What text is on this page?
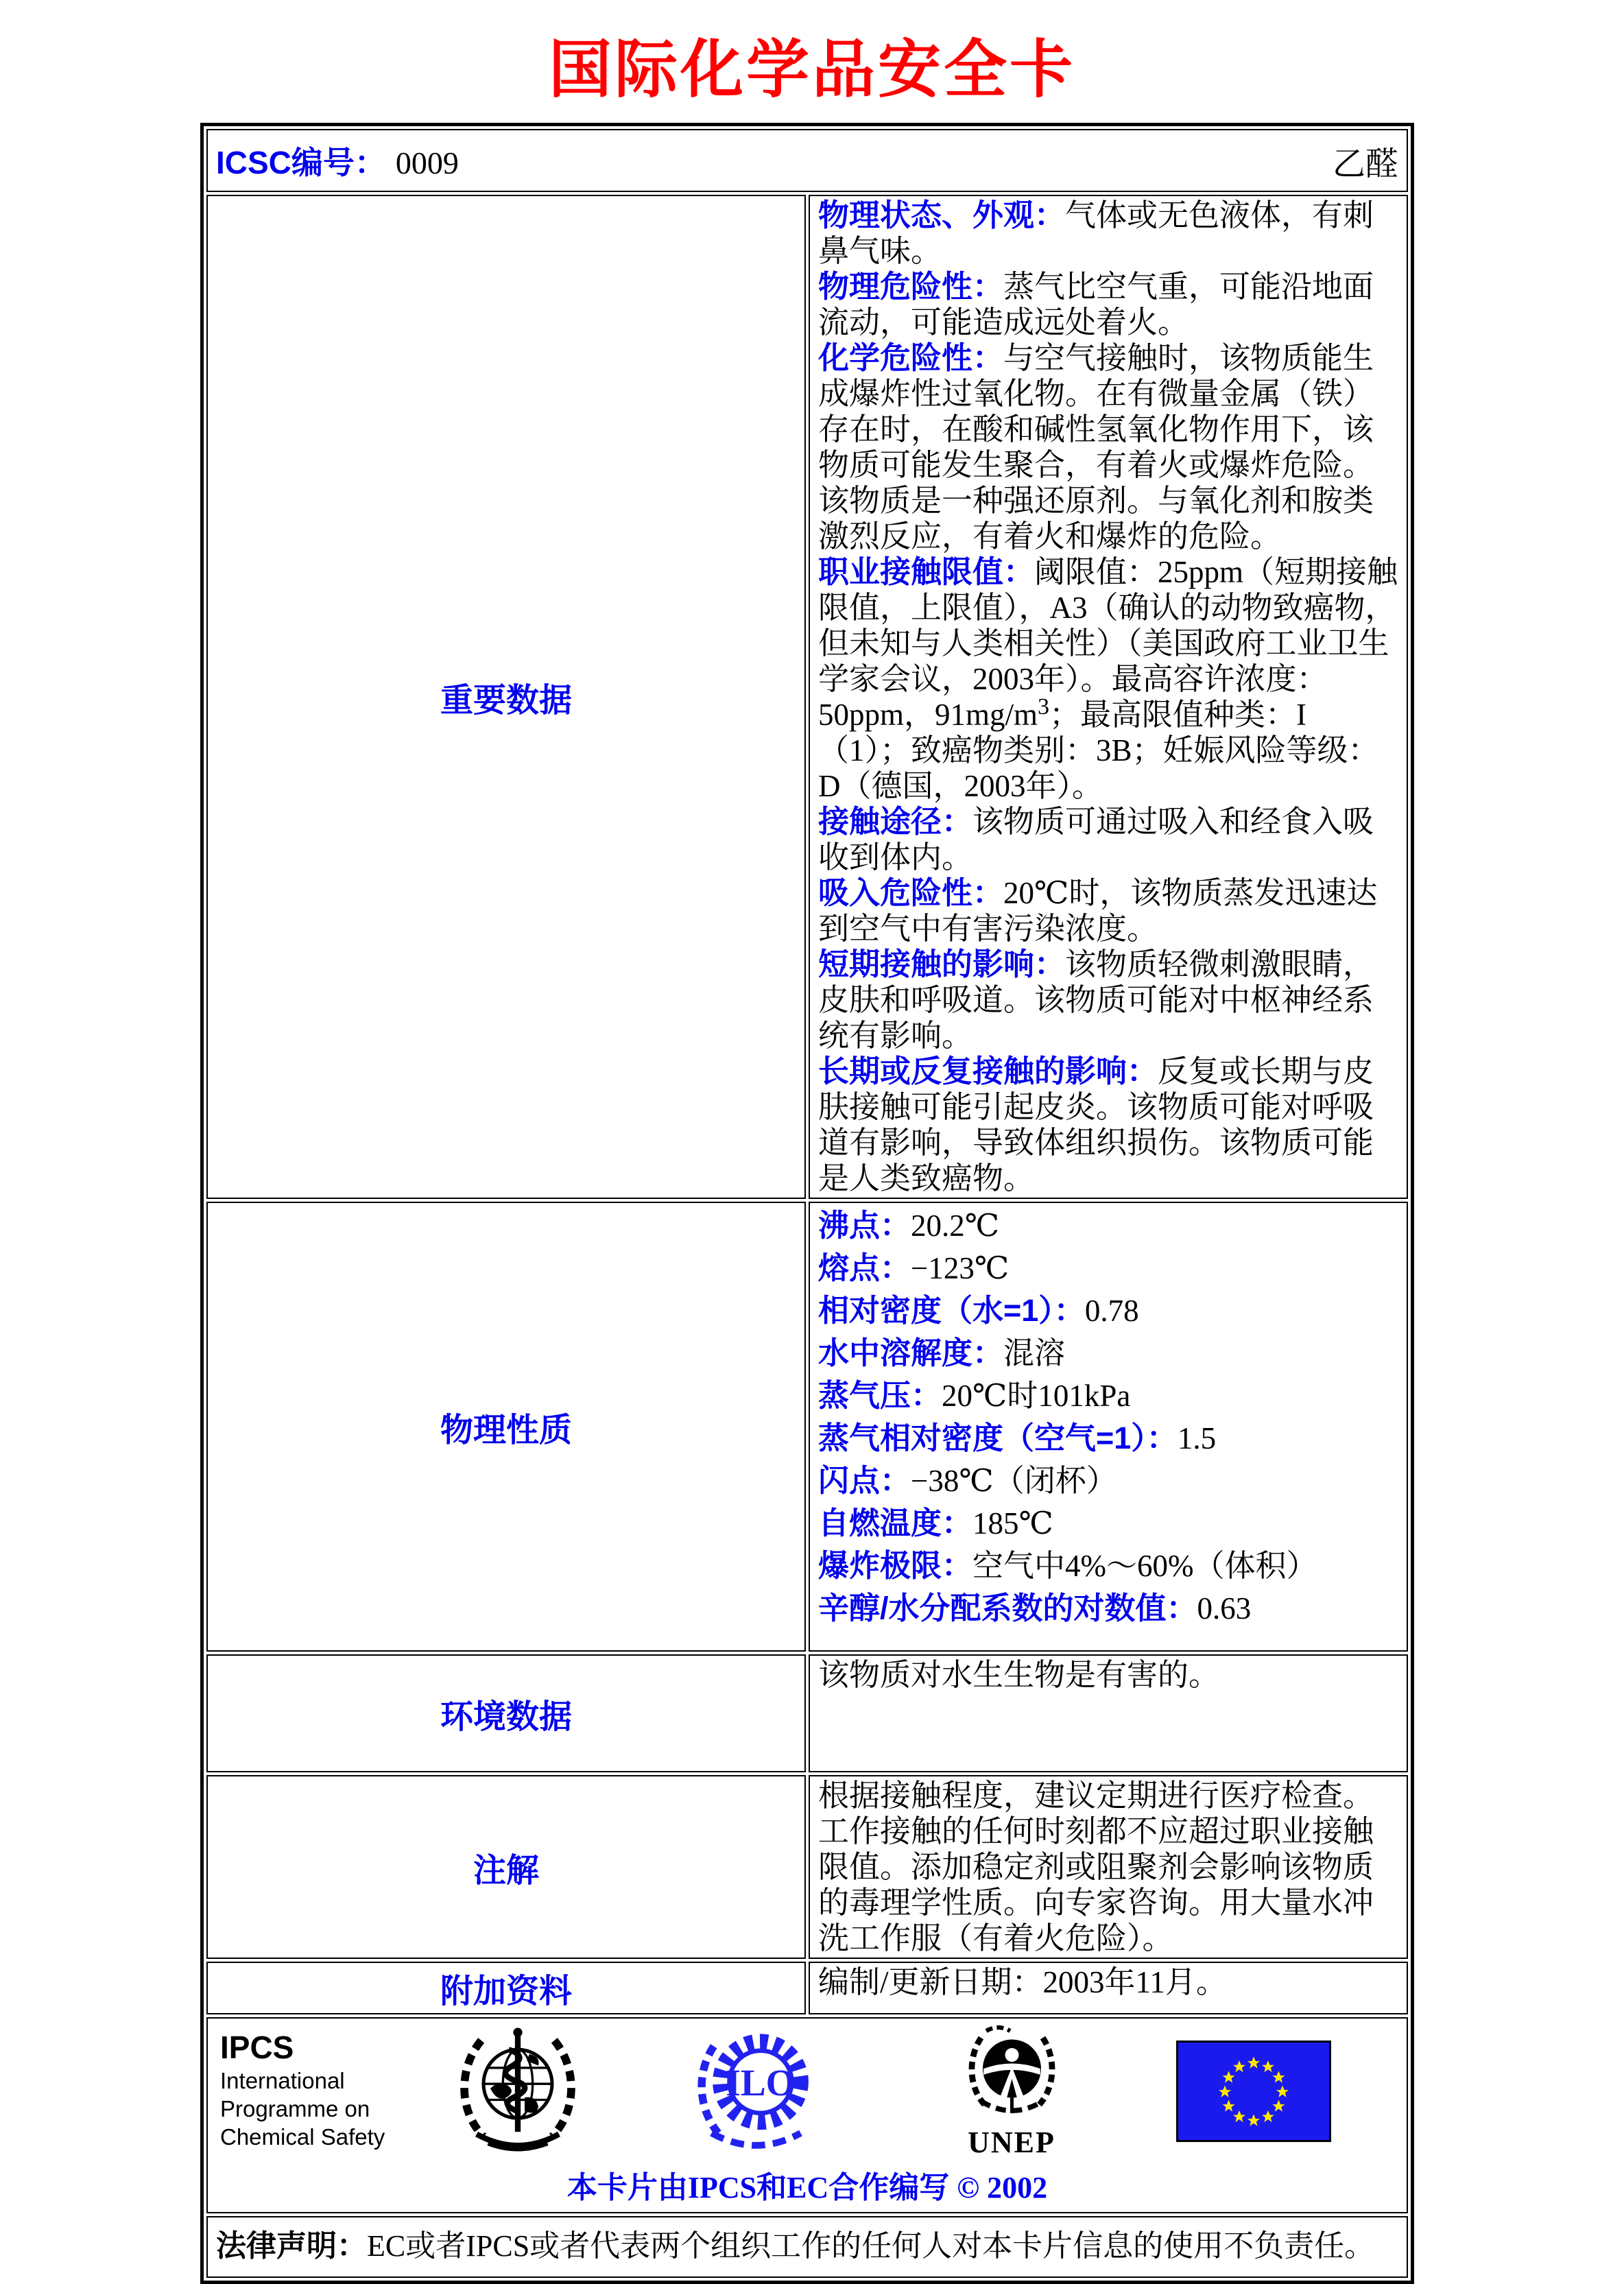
国际化学品安全卡
ICSC编号： 0009 乙醛	

重要数据	
物理状态、外观：气体或无色液体，有刺鼻气味。
物理危险性：蒸气比空气重，可能沿地面流动，可能造成远处着火。
化学危险性：与空气接触时，该物质能生成爆炸性过氧化物。在有微量金属（铁）存在时，在酸和碱性氢氧化物作用下，该物质可能发生聚合，有着火或爆炸危险。该物质是一种强还原剂。与氧化剂和胺类激烈反应，有着火和爆炸的危险。
职业接触限值：阈限值：25ppm（短期接触限值，上限值），A3（确认的动物致癌物，但未知与人类相关性）（美国政府工业卫生学家会议，2003年）。最高容许浓度：50ppm，$91mg/m^3$；最高限值种类：I（1）；致癌物类别：3B；妊娠风险等级：D（德国，2003年）。
接触途径：该物质可通过吸入和经食入吸收到体内。
吸入危险性：20℃时，该物质蒸发迅速达到空气中有害污染浓度。
短期接触的影响：该物质轻微刺激眼睛，皮肤和呼吸道。该物质可能对中枢神经系统有影响。
长期或反复接触的影响：反复或长期与皮肤接触可能引起皮炎。该物质可能对呼吸道有影响，导致体组织损伤。该物质可能是人类致癌物。

物理性质	
沸点：20.2℃
熔点：−123℃
相对密度（水=1）：0.78
水中溶解度：混溶
蒸气压：20℃时101kPa
蒸气相对密度（空气=1）：1.5
闪点：−38℃（闭杯）
自燃温度：185℃
爆炸极限：空气中4%～60%（体积）
辛醇/水分配系数的对数值：0.63

环境数据	该物质对水生生物是有害的。

注解	根据接触程度，建议定期进行医疗检查。工作接触的任何时刻都不应超过职业接触限值。添加稳定剂或阻聚剂会影响该物质的毒理学性质。向专家咨询。用大量水冲洗工作服（有着火危险）。

附加资料	编制/更新日期：2003年11月。

IPCS
International
Programme on
Chemical Safety
ILO
UNEP
本卡片由IPCS和EC合作编写 © 2002

法律声明：EC或者IPCS或者代表两个组织工作的任何人对本卡片信息的使用不负责任。	
